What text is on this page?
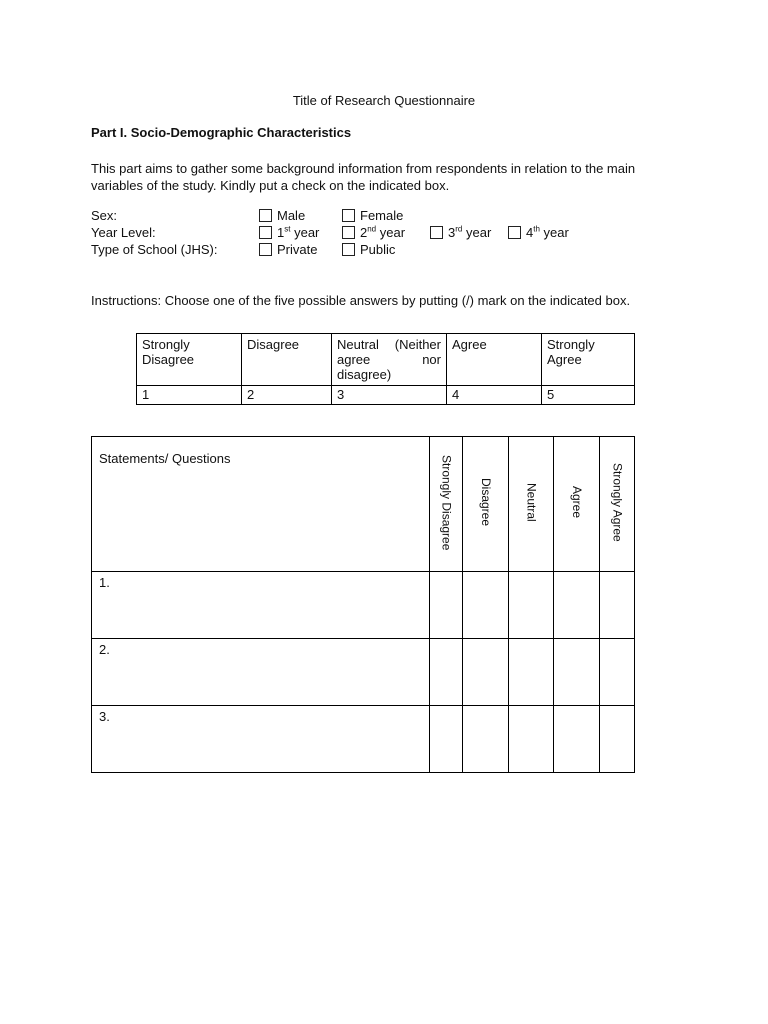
Title of Research Questionnaire
Part I. Socio-Demographic Characteristics

This part aims to gather some background information from respondents in relation to the main variables of the study. Kindly put a check on the indicated box.

Sex:	Male	Female
Year Level:	1st year	2nd year	3rd year	4th year
Type of School (JHS):	Private	Public

Instructions: Choose one of the five possible answers by putting (/) mark on the indicated box.

Strongly Disagree	Disagree	Neutral (Neither agree nor disagree)	Agree	Strongly Agree
1	2	3	4	5
Statements/ Questions	Strongly Disagree	Disagree	Neutral	Agree	Strongly Agree
1.					
2.					
3.					
